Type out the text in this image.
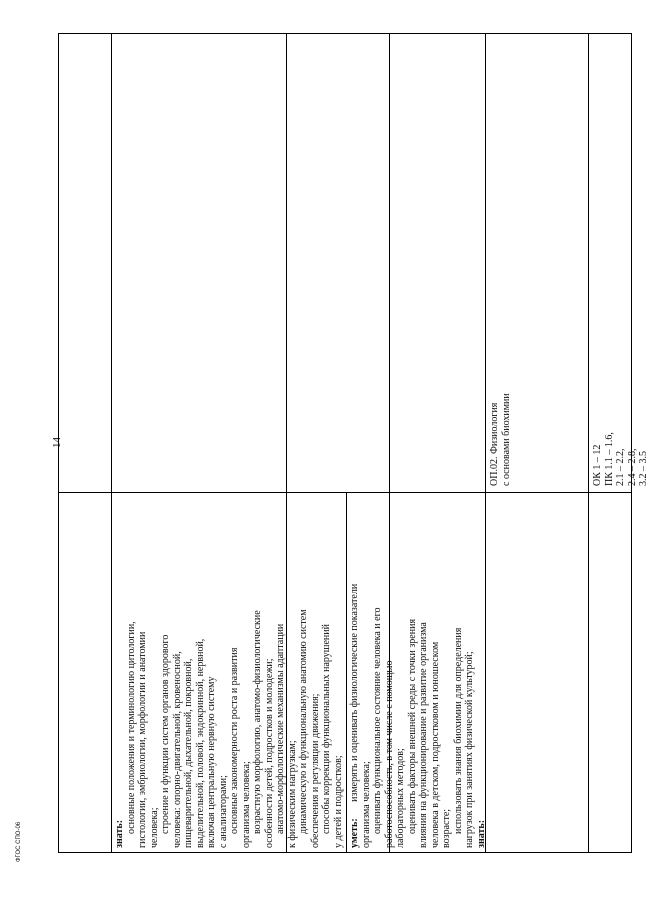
14
ФГОС СПО-06	знать: основные положения и терминологию цитологии, гистологии, эмбриологии, морфологии и анатомии человека; строение и функции систем органов здорового человека: опорно-двигательной, кровеносной, пищеварительной, дыхательной, покровной, выделительной, половой, эндокринной, нервной, включая центральную нервную систему с анализаторами; основные закономерности роста и развития организма человека; возрастную морфологию, анатомо-физиологические особенности детей, подростков и молодежи; анатомо-морфологические механизмы адаптации к физическим нагрузкам; динамическую и функциональную анатомию систем обеспечения и регуляции движения; способы коррекции функциональных нарушений у детей и подростков; уметь: измерять и оценивать физиологические показатели
организма человека; оценивать функциональное состояние человека и его работоспособность, в том числе с помощью лабораторных методов; оценивать факторы внешней среды с точки зрения влияния на функционирование и развитие организма человека в детском, подростковом и юношеском возрасте; использовать знания биохимии для определения нагрузок при занятиях физической культурой; знать:
ОП.02. Физиология с основами биохимии	ОК 1 – 12 ПК 1.1 – 1.6, 2.1 – 2.2, 2.4 – 2.8, 3.2 – 3.5
